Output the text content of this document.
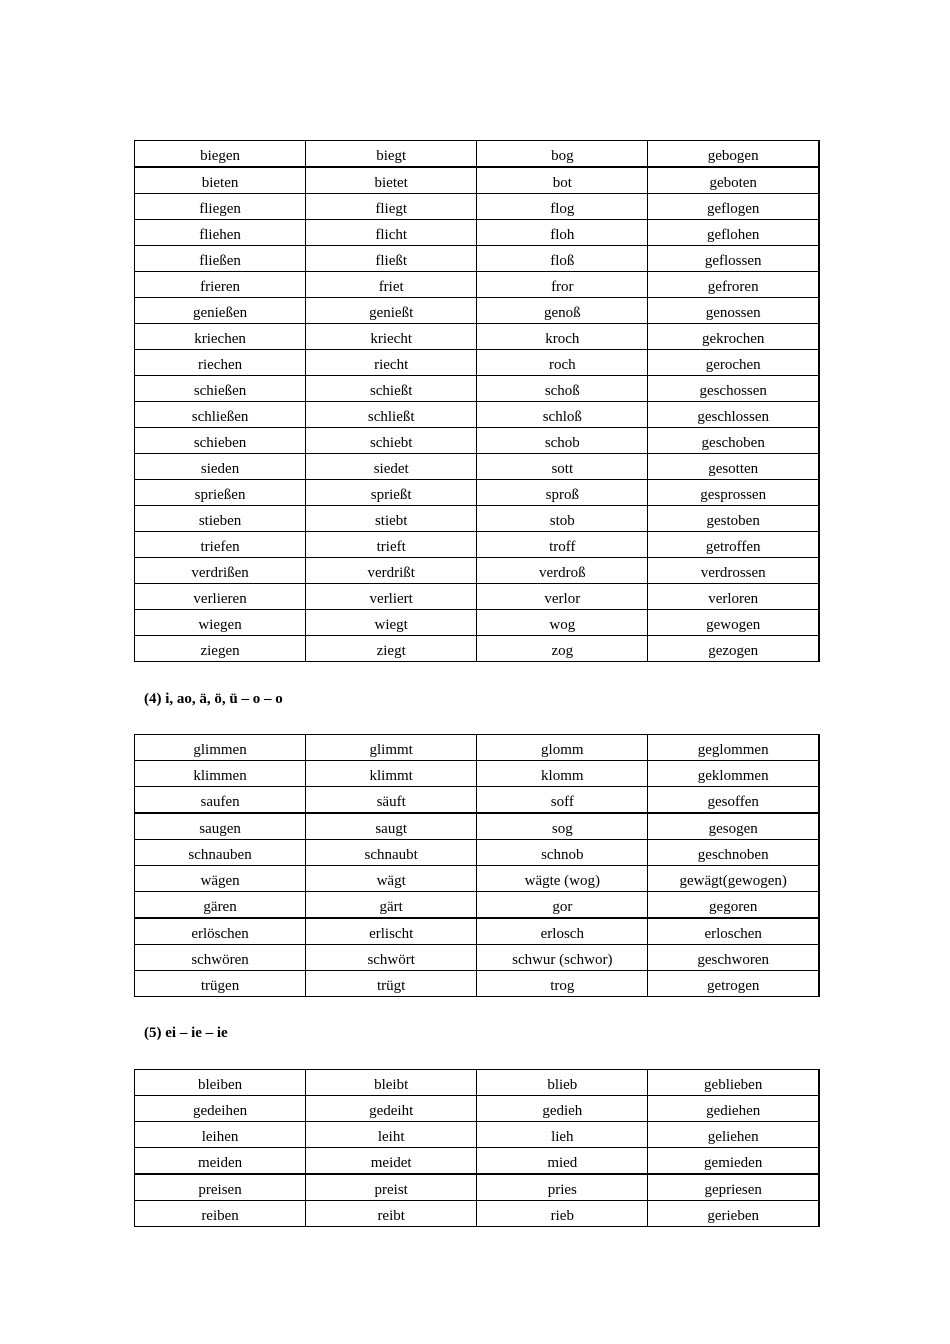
biegen	biegt	bog	gebogen
bieten	bietet	bot	geboten
fliegen	fliegt	flog	geflogen
fliehen	flicht	floh	geflohen
fließen	fließt	floß	geflossen
frieren	friet	fror	gefroren
genießen	genießt	genoß	genossen
kriechen	kriecht	kroch	gekrochen
riechen	riecht	roch	gerochen
schießen	schießt	schoß	geschossen
schließen	schließt	schloß	geschlossen
schieben	schiebt	schob	geschoben
sieden	siedet	sott	gesotten
sprießen	sprießt	sproß	gesprossen
stieben	stiebt	stob	gestoben
triefen	trieft	troff	getroffen
verdrißen	verdrißt	verdroß	verdrossen
verlieren	verliert	verlor	verloren
wiegen	wiegt	wog	gewogen
ziegen	ziegt	zog	gezogen
(4) i, ao, ä, ö, ü – o – o
glimmen	glimmt	glomm	geglommen
klimmen	klimmt	klomm	geklommen
saufen	säuft	soff	gesoffen
saugen	saugt	sog	gesogen
schnauben	schnaubt	schnob	geschnoben
wägen	wägt	wägte (wog)	gewägt(gewogen)
gären	gärt	gor	gegoren
erlöschen	erlischt	erlosch	erloschen
schwören	schwört	schwur (schwor)	geschworen
trügen	trügt	trog	getrogen
(5) ei – ie – ie
bleiben	bleibt	blieb	geblieben
gedeihen	gedeiht	gedieh	gediehen
leihen	leiht	lieh	geliehen
meiden	meidet	mied	gemieden
preisen	preist	pries	gepriesen
reiben	reibt	rieb	gerieben
